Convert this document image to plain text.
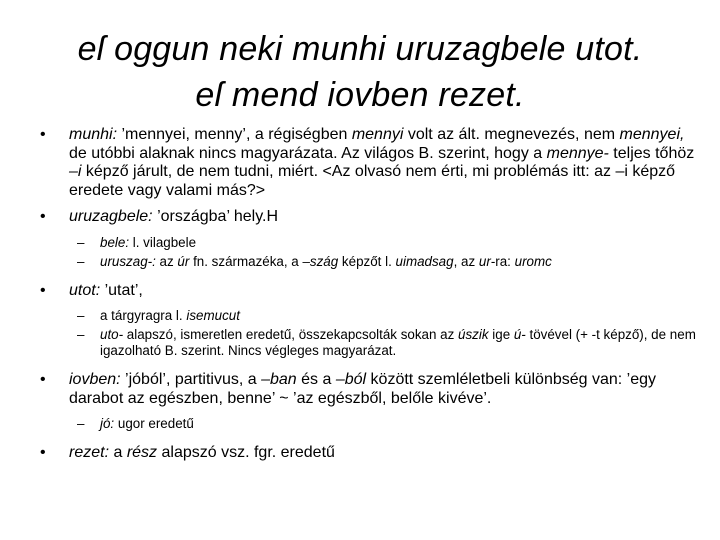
eſ oggun neki munhi uruzagbele utot.
eſ mend iovben rezet.
• munhi: ’mennyei, menny’, a régiségben mennyi volt az ált. megnevezés, nem mennyei, de utóbbi alaknak nincs magyarázata. Az világos B. szerint, hogy a mennye- teljes tőhöz –i képző járult, de nem tudni, miért. <Az olvasó nem érti, mi problémás itt: az –i képző eredete vagy valami más?>
• uruzagbele: ’országba’ hely.H
– bele: l. vilagbele
– uruszag-: az úr fn. származéka, a –szág képzőt l. uimadsag, az ur-ra: uromc
• utot: ’utat’,
– a tárgyragra l. isemucut
– uto- alapszó, ismeretlen eredetű, összekapcsolták sokan az úszik ige ú- tövével (+ -t képző), de nem igazolható B. szerint. Nincs végleges magyarázat.
• iovben: ’jóból’, partitivus, a –ban és a –ból között szemléletbeli különbség van: ’egy darabot az egészben, benne’ ~ ’az egészből, belőle kivéve’.
– jó: ugor eredetű
• rezet: a rész alapszó vsz. fgr. eredetű
